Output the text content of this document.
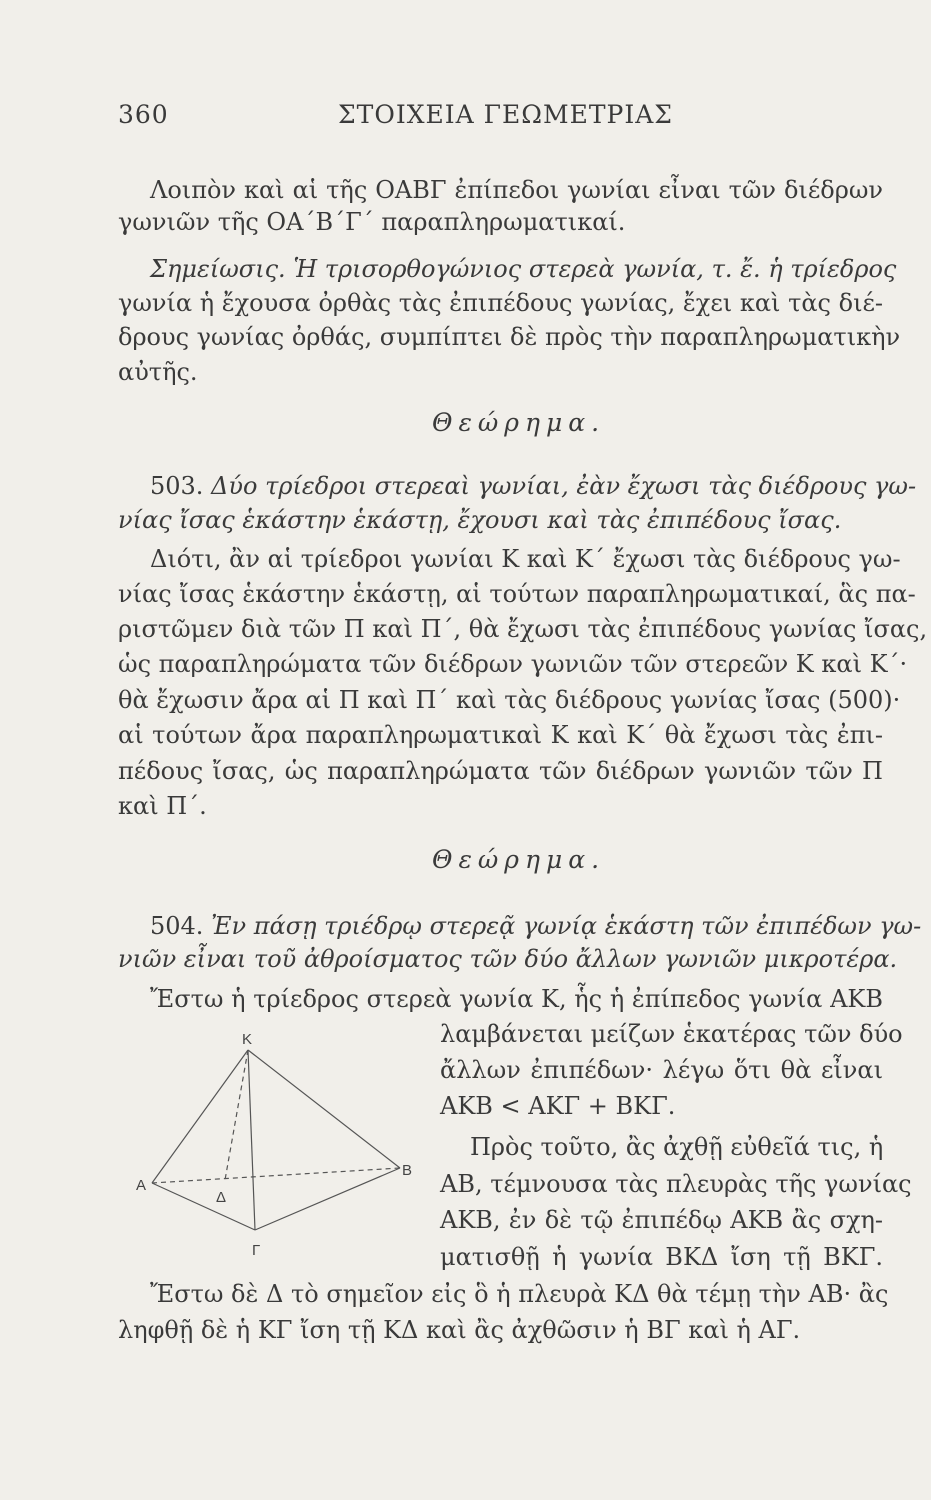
360	ΣΤΟΙΧΕΙΑ ΓΕΩΜΕΤΡΙΑΣ
Λοιπὸν καὶ αἱ τῆς ΟΑΒΓ ἐπίπεδοι γωνίαι εἶναι τῶν διέδρων
γωνιῶν τῆς ΟΑ΄Β΄Γ΄ παραπληρωματικαί.
Σημείωσις. Ἡ τρισορθογώνιος στερεὰ γωνία, τ. ἔ. ἡ τρίεδρος
γωνία ἡ ἔχουσα ὀρθὰς τὰς ἐπιπέδους γωνίας, ἔχει καὶ τὰς διέ-
δρους γωνίας ὀρθάς, συμπίπτει δὲ πρὸς τὴν παραπληρωματικὴν
αὐτῆς.
Θεώρημα.
503. Δύο τρίεδροι στερεαὶ γωνίαι, ἐὰν ἔχωσι τὰς διέδρους γω-
νίας ἴσας ἑκάστην ἑκάστῃ, ἔχουσι καὶ τὰς ἐπιπέδους ἴσας.
Διότι, ἂν αἱ τρίεδροι γωνίαι Κ καὶ Κ΄ ἔχωσι τὰς διέδρους γω-
νίας ἴσας ἑκάστην ἑκάστῃ, αἱ τούτων παραπληρωματικαί, ἃς πα-
ριστῶμεν διὰ τῶν Π καὶ Π΄, θὰ ἔχωσι τὰς ἐπιπέδους γωνίας ἴσας,
ὡς παραπληρώματα τῶν διέδρων γωνιῶν τῶν στερεῶν Κ καὶ Κ΄·
θὰ ἔχωσιν ἄρα αἱ Π καὶ Π΄ καὶ τὰς διέδρους γωνίας ἴσας (500)·
αἱ τούτων ἄρα παραπληρωματικαὶ Κ καὶ Κ΄ θὰ ἔχωσι τὰς ἐπι-
πέδους ἴσας, ὡς παραπληρώματα τῶν διέδρων γωνιῶν τῶν Π
καὶ Π΄.
Θεώρημα.
504. Ἐν πάσῃ τριέδρῳ στερεᾷ γωνίᾳ ἑκάστη τῶν ἐπιπέδων γω-
νιῶν εἶναι τοῦ ἀθροίσματος τῶν δύο ἄλλων γωνιῶν μικροτέρα.
Ἔστω ἡ τρίεδρος στερεὰ γωνία Κ, ἧς ἡ ἐπίπεδος γωνία ΑΚΒ
λαμβάνεται μείζων ἑκατέρας τῶν δύο
ἄλλων ἐπιπέδων· λέγω ὅτι θὰ εἶναι
ΑΚΒ < ΑΚΓ + ΒΚΓ.
Πρὸς τοῦτο, ἂς ἀχθῇ εὐθεῖά τις, ἡ
ΑΒ, τέμνουσα τὰς πλευρὰς τῆς γωνίας
ΑΚΒ, ἐν δὲ τῷ ἐπιπέδῳ ΑΚΒ ἂς σχη-
ματισθῇ ἡ γωνία ΒΚΔ ἴση τῇ ΒΚΓ.
Ἔστω δὲ Δ τὸ σημεῖον εἰς ὃ ἡ πλευρὰ ΚΔ θὰ τέμῃ τὴν ΑΒ· ἂς
ληφθῇ δὲ ἡ ΚΓ ἴση τῇ ΚΔ καὶ ἂς ἀχθῶσιν ἡ ΒΓ καὶ ἡ ΑΓ.
Κ
Α
Β
Γ
Δ
